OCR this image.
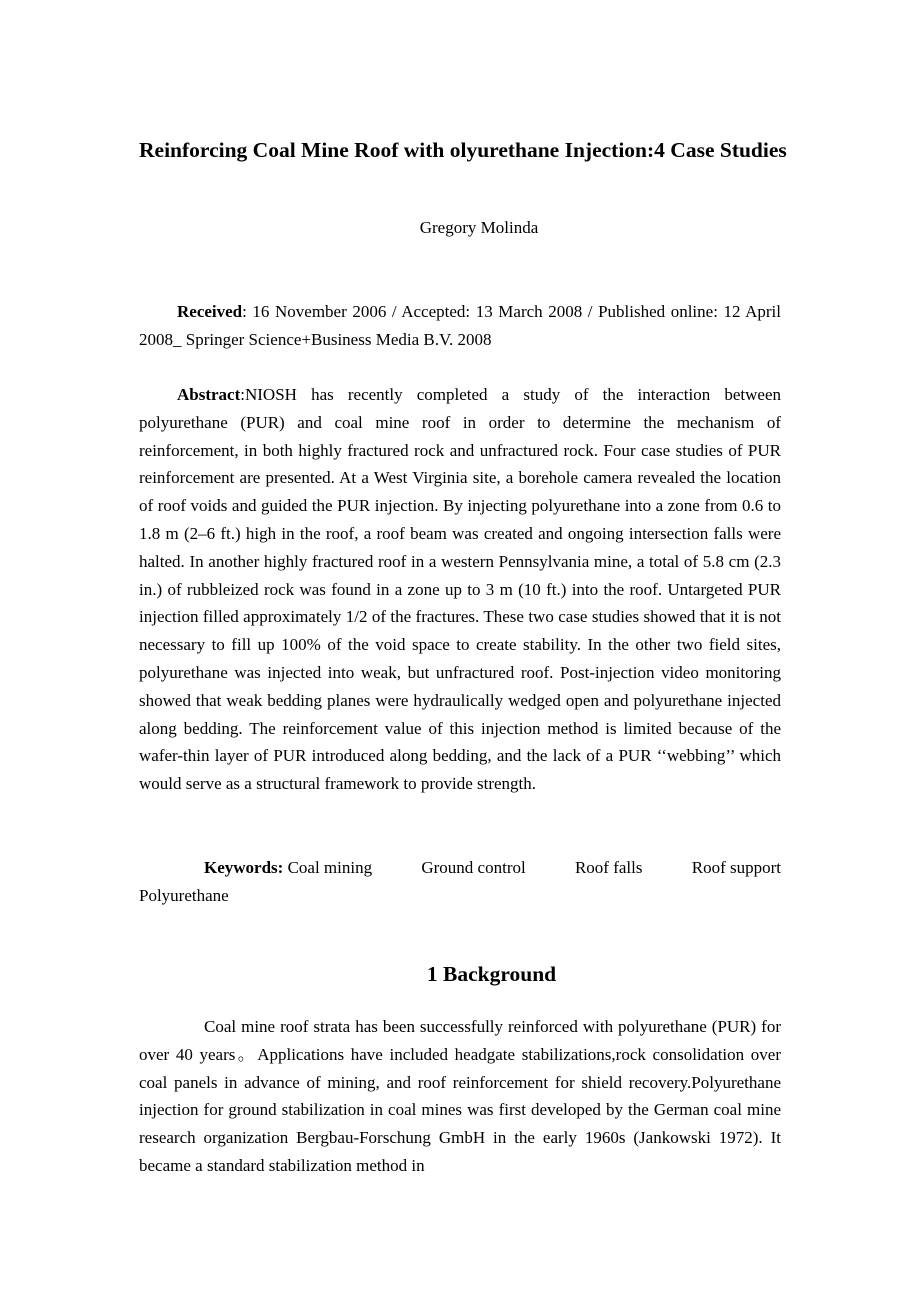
Reinforcing Coal Mine Roof with olyurethane Injection:4 Case Studies
Gregory Molinda

Received: 16 November 2006 / Accepted: 13 March 2008 / Published online: 12 April 2008_ Springer Science+Business Media B.V. 2008

Abstract:NIOSH has recently completed a study of the interaction between polyurethane (PUR) and coal mine roof in order to determine the mechanism of reinforcement, in both highly fractured rock and unfractured rock. Four case studies of PUR reinforcement are presented. At a West Virginia site, a borehole camera revealed the location of roof voids and guided the PUR injection. By injecting polyurethane into a zone from 0.6 to 1.8 m (2–6 ft.) high in the roof, a roof beam was created and ongoing intersection falls were halted. In another highly fractured roof in a western Pennsylvania mine, a total of 5.8 cm (2.3 in.) of rubbleized rock was found in a zone up to 3 m (10 ft.) into the roof. Untargeted PUR injection filled approximately 1/2 of the fractures. These two case studies showed that it is not necessary to fill up 100% of the void space to create stability. In the other two field sites, polyurethane was injected into weak, but unfractured roof. Post-injection video monitoring showed that weak bedding planes were hydraulically wedged open and polyurethane injected along bedding. The reinforcement value of this injection method is limited because of the wafer-thin layer of PUR introduced along bedding, and the lack of a PUR ‘‘webbing’’ which would serve as a structural framework to provide strength.

Keywords: Coal mining	Ground control	Roof falls	Roof support
Polyurethane
1 Background

Coal mine roof strata has been successfully reinforced with polyurethane (PUR) for over 40 years。Applications have included headgate stabilizations,rock consolidation over coal panels in advance of mining, and roof reinforcement for shield recovery.Polyurethane injection for ground stabilization in coal mines was first developed by the German coal mine research organization Bergbau-Forschung GmbH in the early 1960s (Jankowski 1972). It became a standard stabilization method in
